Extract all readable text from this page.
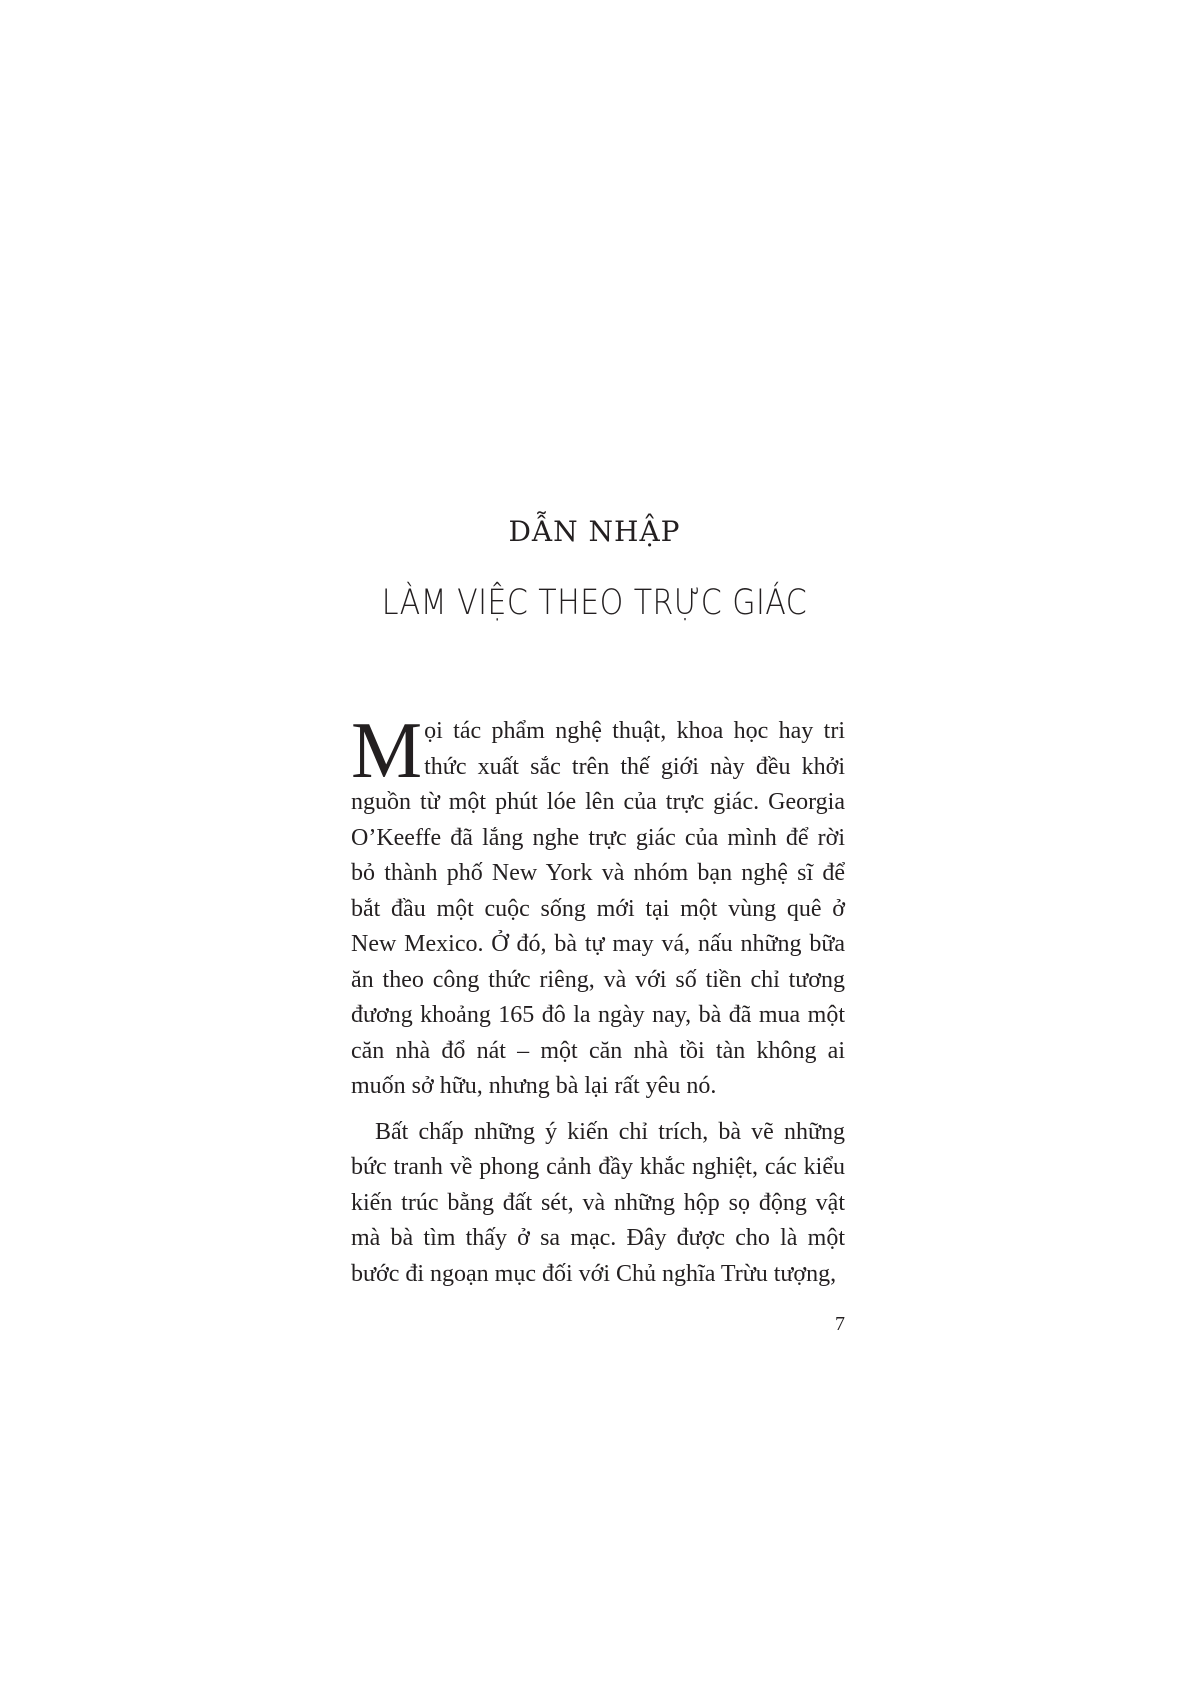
DẪN NHẬP
LÀM VIỆC THEO TRỰC GIÁC

Mọi tác phẩm nghệ thuật, khoa học hay tri thức xuất sắc trên thế giới này đều khởi nguồn từ một phút lóe lên của trực giác. Georgia O’Keeffe đã lắng nghe trực giác của mình để rời bỏ thành phố New York và nhóm bạn nghệ sĩ để bắt đầu một cuộc sống mới tại một vùng quê ở New Mexico. Ở đó, bà tự may vá, nấu những bữa ăn theo công thức riêng, và với số tiền chỉ tương đương khoảng 165 đô la ngày nay, bà đã mua một căn nhà đổ nát – một căn nhà tồi tàn không ai muốn sở hữu, nhưng bà lại rất yêu nó.

Bất chấp những ý kiến chỉ trích, bà vẽ những bức tranh về phong cảnh đầy khắc nghiệt, các kiểu kiến trúc bằng đất sét, và những hộp sọ động vật mà bà tìm thấy ở sa mạc. Đây được cho là một bước đi ngoạn mục đối với Chủ nghĩa Trừu tượng,

7
